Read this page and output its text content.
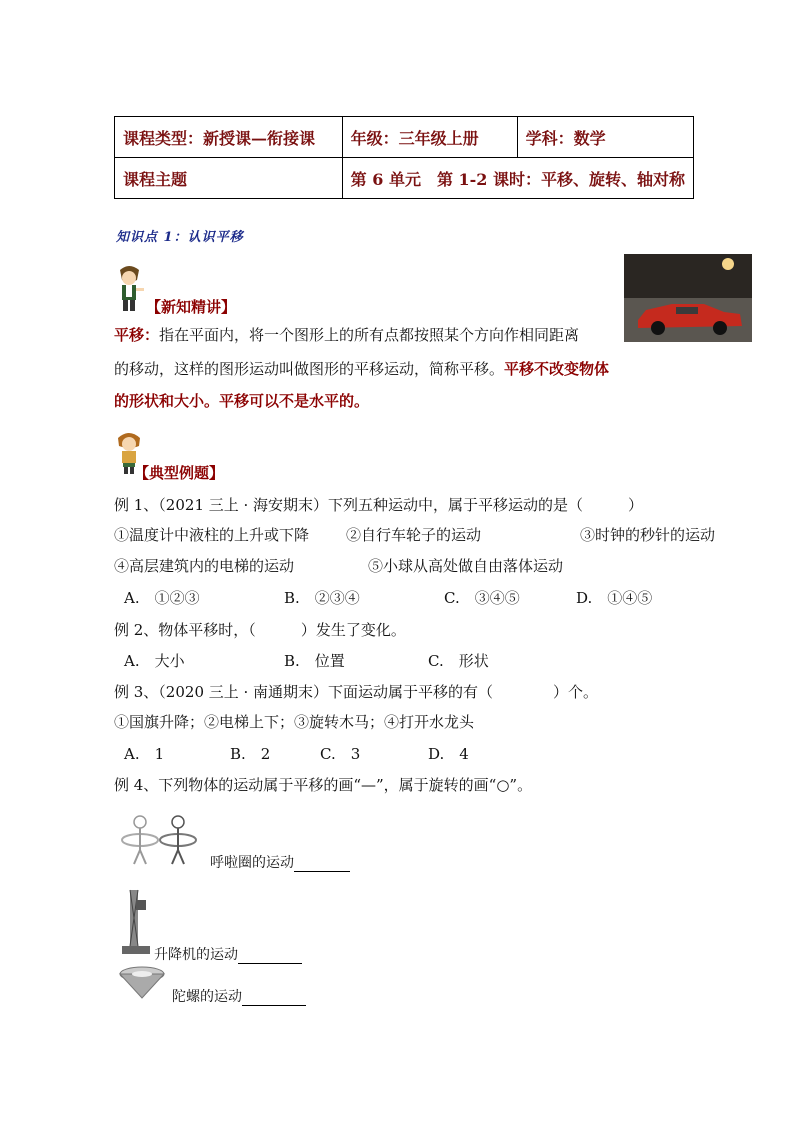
课程类型：新授课—衔接课	年级：三年级上册	学科：数学
课程主题	第 6 单元　第 1-2 课时：平移、旋转、轴对称	
知识点 1：认识平移
【新知精讲】
平移：指在平面内，将一个图形上的所有点都按照某个方向作相同距离
的移动，这样的图形运动叫做图形的平移运动，简称平移。平移不改变物体
的形状和大小。平移可以不是水平的。
【典型例题】
例 1、（2021 三上 · 海安期末）下列五种运动中，属于平移运动的是（　　　）
①温度计中液柱的上升或下降 ②自行车轮子的运动	③时钟的秒针的运动
④高层建筑内的电梯的运动	⑤小球从高处做自由落体运动
A.　①②③	B.　②③④	C.　③④⑤	D.　①④⑤
例 2、物体平移时，（　　　）发生了变化。
A.　大小	B.　位置	C.　形状
例 3、（2020 三上 · 南通期末）下面运动属于平移的有（　　　　）个。
①国旗升降；②电梯上下；③旋转木马；④打开水龙头
A.　1	B.　2	C.　3	D.　4
例 4、下列物体的运动属于平移的画“—”，属于旋转的画“○”。
呼啦圈的运动
升降机的运动
陀螺的运动
